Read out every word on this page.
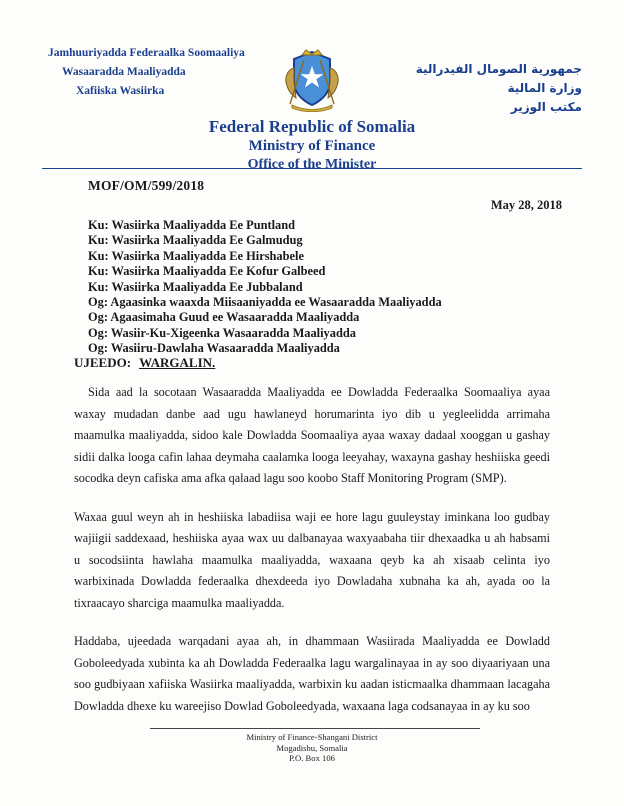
Jamhuuriyadda Federaalka Soomaaliya
Wasaaradda Maaliyadda
Xafiiska Wasiirka
جمهورية الصومال الفيدرالية
وزارة المالية
مكتب الوزير
Federal Republic of Somalia
Ministry of Finance
Office of the Minister
MOF/OM/599/2018
May 28, 2018
Ku: Wasiirka Maaliyadda Ee Puntland
Ku: Wasiirka Maaliyadda Ee Galmudug
Ku: Wasiirka Maaliyadda Ee Hirshabele
Ku: Wasiirka Maaliyadda Ee Kofur Galbeed
Ku: Wasiirka Maaliyadda Ee Jubbaland
Og: Agaasinka waaxda Miisaaniyadda ee Wasaaradda Maaliyadda
Og: Agaasimaha Guud ee Wasaaradda Maaliyadda
Og: Wasiir-Ku-Xigeenka Wasaaradda Maaliyadda
Og: Wasiiru-Dawlaha Wasaaradda Maaliyadda
UJEEDO: WARGALIN.

Sida aad la socotaan Wasaaradda Maaliyadda ee Dowladda Federaalka Soomaaliya ayaa waxay mudadan danbe aad ugu hawlaneyd horumarinta iyo dib u yegleelidda arrimaha maamulka maaliyadda, sidoo kale Dowladda Soomaaliya ayaa waxay dadaal xooggan u gashay sidii dalka looga cafin lahaa deymaha caalamka looga leeyahay, waxayna gashay heshiiska geedi socodka deyn cafiska ama afka qalaad lagu soo koobo Staff Monitoring Program (SMP).

Waxaa guul weyn ah in heshiiska labadiisa waji ee hore lagu guuleystay iminkana loo gudbay wajiigii saddexaad, heshiiska ayaa wax uu dalbanayaa waxyaabaha tiir dhexaadka u ah habsami u socodsiinta hawlaha maamulka maaliyadda, waxaana qeyb ka ah xisaab celinta iyo warbixinada Dowladda federaalka dhexdeeda iyo Dowladaha xubnaha ka ah, ayada oo la tixraacayo sharciga maamulka maaliyadda.

Haddaba, ujeedada warqadani ayaa ah, in dhammaan Wasiirada Maaliyadda ee Dowladd Goboleedyada xubinta ka ah Dowladda Federaalka lagu wargalinayaa in ay soo diyaariyaan una soo gudbiyaan xafiiska Wasiirka maaliyadda, warbixin ku aadan isticmaalka dhammaan lacagaha Dowladda dhexe ku wareejiso Dowlad Goboleedyada, waxaana laga codsanayaa in ay ku soo

Ministry of Finance-Shangani District
Mogadishu, Somalia
P.O. Box 106
